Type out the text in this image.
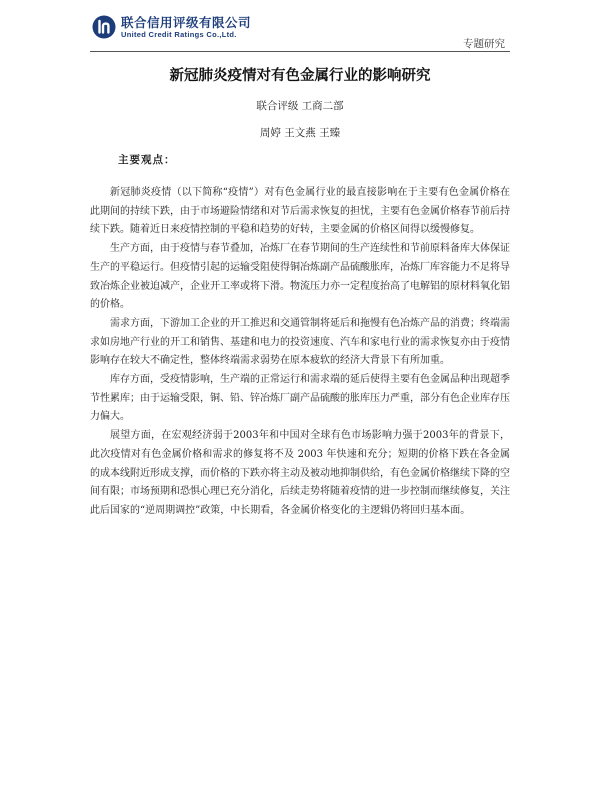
联合信用评级有限公司
United Credit Ratings Co.,Ltd.
专题研究
新冠肺炎疫情对有色金属行业的影响研究
联合评级 工商二部
周婷 王文燕 王臻
主要观点：

新冠肺炎疫情（以下简称“疫情”）对有色金属行业的最直接影响在于主要有色金属价格在此期间的持续下跌，由于市场避险情绪和对节后需求恢复的担忧，主要有色金属价格春节前后持续下跌。随着近日来疫情控制的平稳和趋势的好转，主要金属的价格区间得以缓慢修复。

生产方面，由于疫情与春节叠加，冶炼厂在春节期间的生产连续性和节前原料备库大体保证生产的平稳运行。但疫情引起的运输受阻使得铜冶炼副产品硫酸胀库，冶炼厂库容能力不足将导致冶炼企业被迫减产，企业开工率或将下滑。物流压力亦一定程度抬高了电解铝的原材料氧化铝的价格。

需求方面，下游加工企业的开工推迟和交通管制将延后和拖慢有色冶炼产品的消费；终端需求如房地产行业的开工和销售、基建和电力的投资速度、汽车和家电行业的需求恢复亦由于疫情影响存在较大不确定性，整体终端需求弱势在原本疲软的经济大背景下有所加重。

库存方面，受疫情影响，生产端的正常运行和需求端的延后使得主要有色金属品种出现超季节性累库；由于运输受限，铜、铅、锌冶炼厂副产品硫酸的胀库压力严重，部分有色企业库存压力偏大。

展望方面，在宏观经济弱于2003年和中国对全球有色市场影响力强于2003年的背景下，此次疫情对有色金属价格和需求的修复将不及 2003 年快速和充分；短期的价格下跌在各金属的成本线附近形成支撑，而价格的下跌亦将主动及被动地抑制供给，有色金属价格继续下降的空间有限；市场预期和恐惧心理已充分消化，后续走势将随着疫情的进一步控制而继续修复，关注此后国家的“逆周期调控”政策，中长期看，各金属价格变化的主逻辑仍将回归基本面。
